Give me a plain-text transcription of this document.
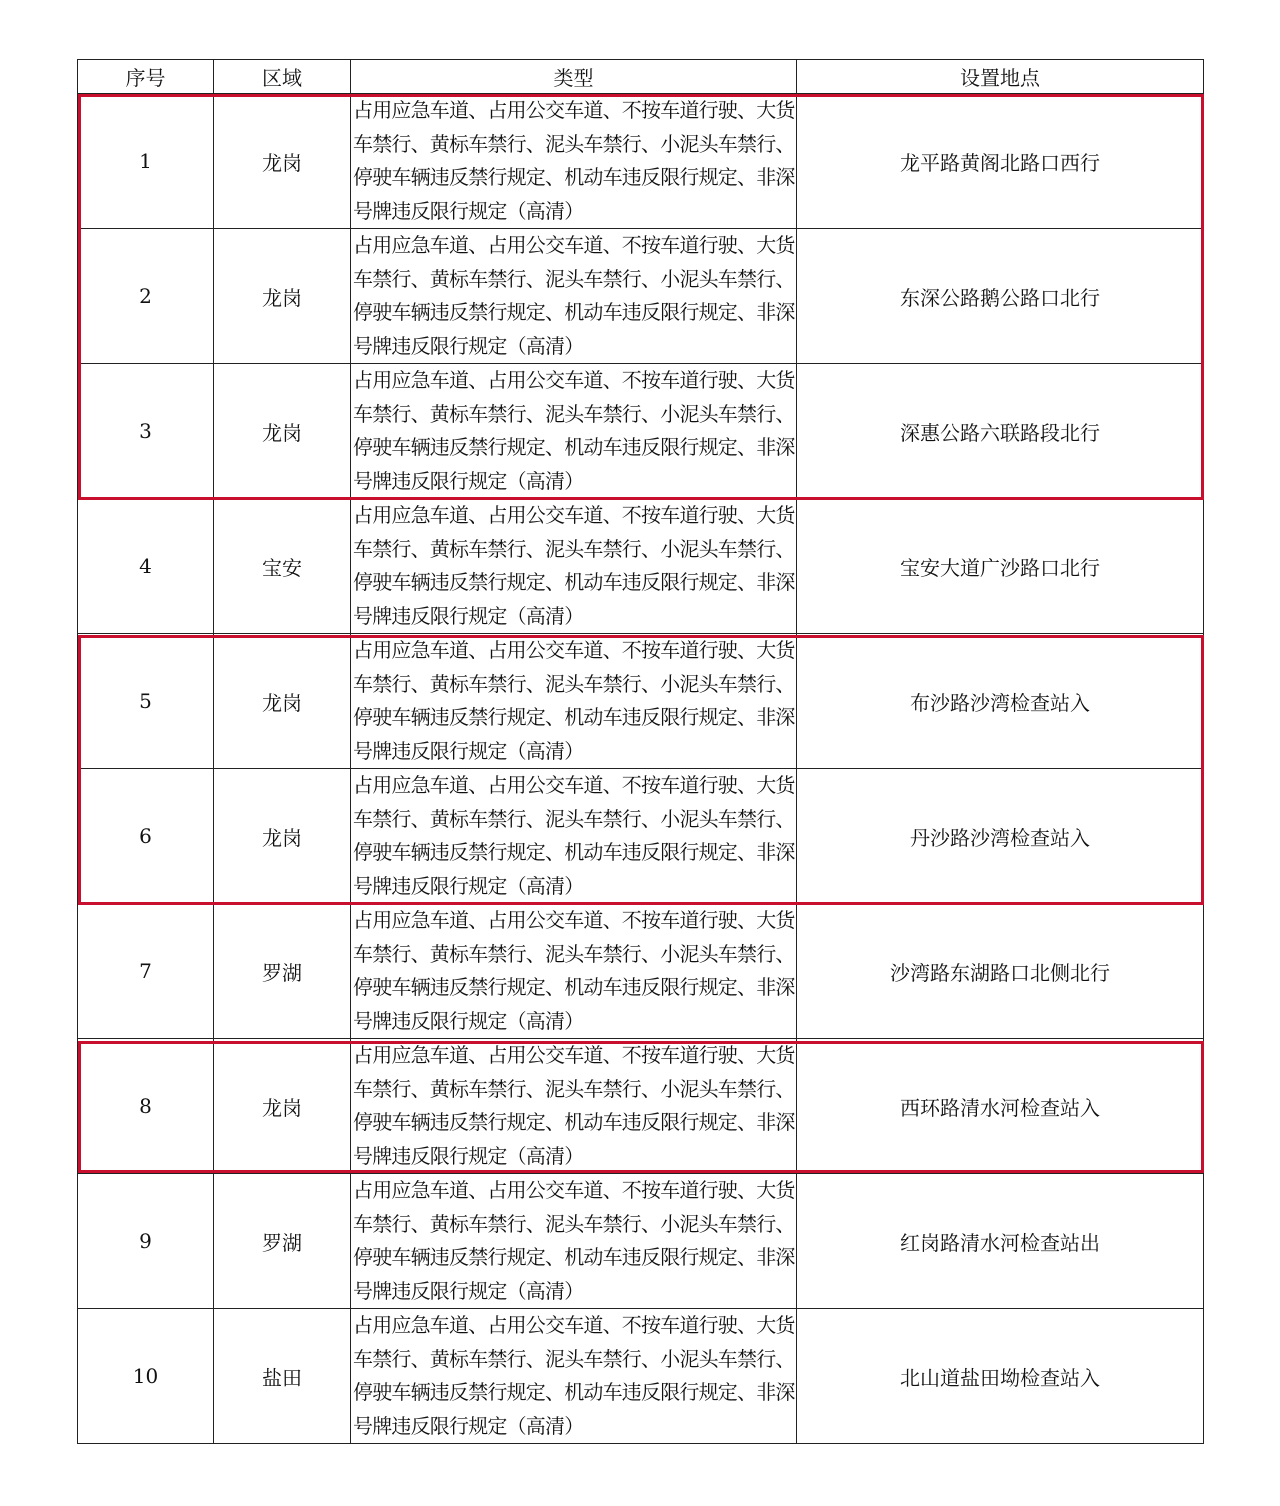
序号	区域	类型	设置地点
1	龙岗	占用应急车道、占用公交车道、不按车道行驶、大货车禁行、黄标车禁行、泥头车禁行、小泥头车禁行、停驶车辆违反禁行规定、机动车违反限行规定、非深号牌违反限行规定（高清）	龙平路黄阁北路口西行
2	龙岗	占用应急车道、占用公交车道、不按车道行驶、大货车禁行、黄标车禁行、泥头车禁行、小泥头车禁行、停驶车辆违反禁行规定、机动车违反限行规定、非深号牌违反限行规定（高清）	东深公路鹅公路口北行
3	龙岗	占用应急车道、占用公交车道、不按车道行驶、大货车禁行、黄标车禁行、泥头车禁行、小泥头车禁行、停驶车辆违反禁行规定、机动车违反限行规定、非深号牌违反限行规定（高清）	深惠公路六联路段北行
4	宝安	占用应急车道、占用公交车道、不按车道行驶、大货车禁行、黄标车禁行、泥头车禁行、小泥头车禁行、停驶车辆违反禁行规定、机动车违反限行规定、非深号牌违反限行规定（高清）	宝安大道广沙路口北行
5	龙岗	占用应急车道、占用公交车道、不按车道行驶、大货车禁行、黄标车禁行、泥头车禁行、小泥头车禁行、停驶车辆违反禁行规定、机动车违反限行规定、非深号牌违反限行规定（高清）	布沙路沙湾检查站入
6	龙岗	占用应急车道、占用公交车道、不按车道行驶、大货车禁行、黄标车禁行、泥头车禁行、小泥头车禁行、停驶车辆违反禁行规定、机动车违反限行规定、非深号牌违反限行规定（高清）	丹沙路沙湾检查站入
7	罗湖	占用应急车道、占用公交车道、不按车道行驶、大货车禁行、黄标车禁行、泥头车禁行、小泥头车禁行、停驶车辆违反禁行规定、机动车违反限行规定、非深号牌违反限行规定（高清）	沙湾路东湖路口北侧北行
8	龙岗	占用应急车道、占用公交车道、不按车道行驶、大货车禁行、黄标车禁行、泥头车禁行、小泥头车禁行、停驶车辆违反禁行规定、机动车违反限行规定、非深号牌违反限行规定（高清）	西环路清水河检查站入
9	罗湖	占用应急车道、占用公交车道、不按车道行驶、大货车禁行、黄标车禁行、泥头车禁行、小泥头车禁行、停驶车辆违反禁行规定、机动车违反限行规定、非深号牌违反限行规定（高清）	红岗路清水河检查站出
10	盐田	占用应急车道、占用公交车道、不按车道行驶、大货车禁行、黄标车禁行、泥头车禁行、小泥头车禁行、停驶车辆违反禁行规定、机动车违反限行规定、非深号牌违反限行规定（高清）	北山道盐田坳检查站入
